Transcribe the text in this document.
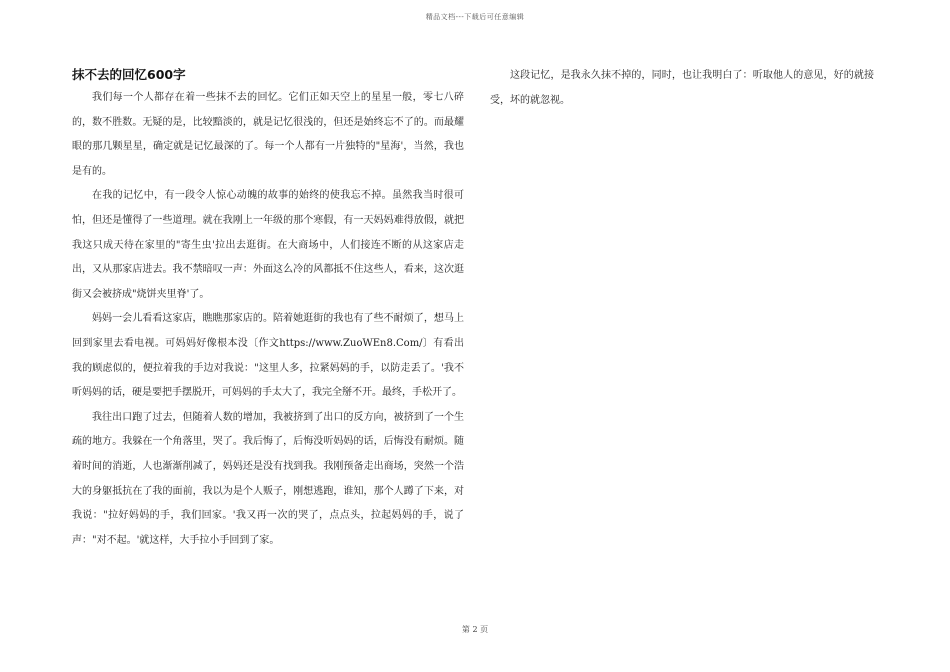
精品文档---下载后可任意编辑
抹不去的回忆600字

我们每一个人都存在着一些抹不去的回忆。它们正如天空上的星星一般，零七八碎的，数不胜数。无疑的是，比较黯淡的，就是记忆很浅的，但还是始终忘不了的。而最耀眼的那几颗星星，确定就是记忆最深的了。每一个人都有一片独特的"星海'，当然，我也是有的。

在我的记忆中，有一段令人惊心动魄的故事的始终的使我忘不掉。虽然我当时很可怕，但还是懂得了一些道理。就在我刚上一年级的那个寒假，有一天妈妈难得放假，就把我这只成天待在家里的"寄生虫'拉出去逛街。在大商场中，人们接连不断的从这家店走出，又从那家店进去。我不禁暗叹一声：外面这么冷的风都抵不住这些人，看来，这次逛街又会被挤成"烧饼夹里脊'了。

妈妈一会儿看看这家店，瞧瞧那家店的。陪着她逛街的我也有了些不耐烦了，想马上回到家里去看电视。可妈妈好像根本没〔作文https://www.ZuoWEn8.Com/〕有看出我的顾虑似的，便拉着我的手边对我说："这里人多，拉紧妈妈的手，以防走丢了。'我不听妈妈的话，硬是要把手摆脱开，可妈妈的手太大了，我完全掰不开。最终，手松开了。

我往出口跑了过去，但随着人数的增加，我被挤到了出口的反方向，被挤到了一个生疏的地方。我躲在一个角落里，哭了。我后悔了，后悔没听妈妈的话，后悔没有耐烦。随着时间的消逝，人也渐渐削减了，妈妈还是没有找到我。我刚预备走出商场，突然一个浩大的身躯抵抗在了我的面前，我以为是个人贩子，刚想逃跑，谁知，那个人蹲了下来，对我说："拉好妈妈的手，我们回家。'我又再一次的哭了，点点头，拉起妈妈的手，说了声："对不起。'就这样，大手拉小手回到了家。

这段记忆，是我永久抹不掉的，同时，也让我明白了：听取他人的意见，好的就接受，坏的就忽视。

第 2 页
